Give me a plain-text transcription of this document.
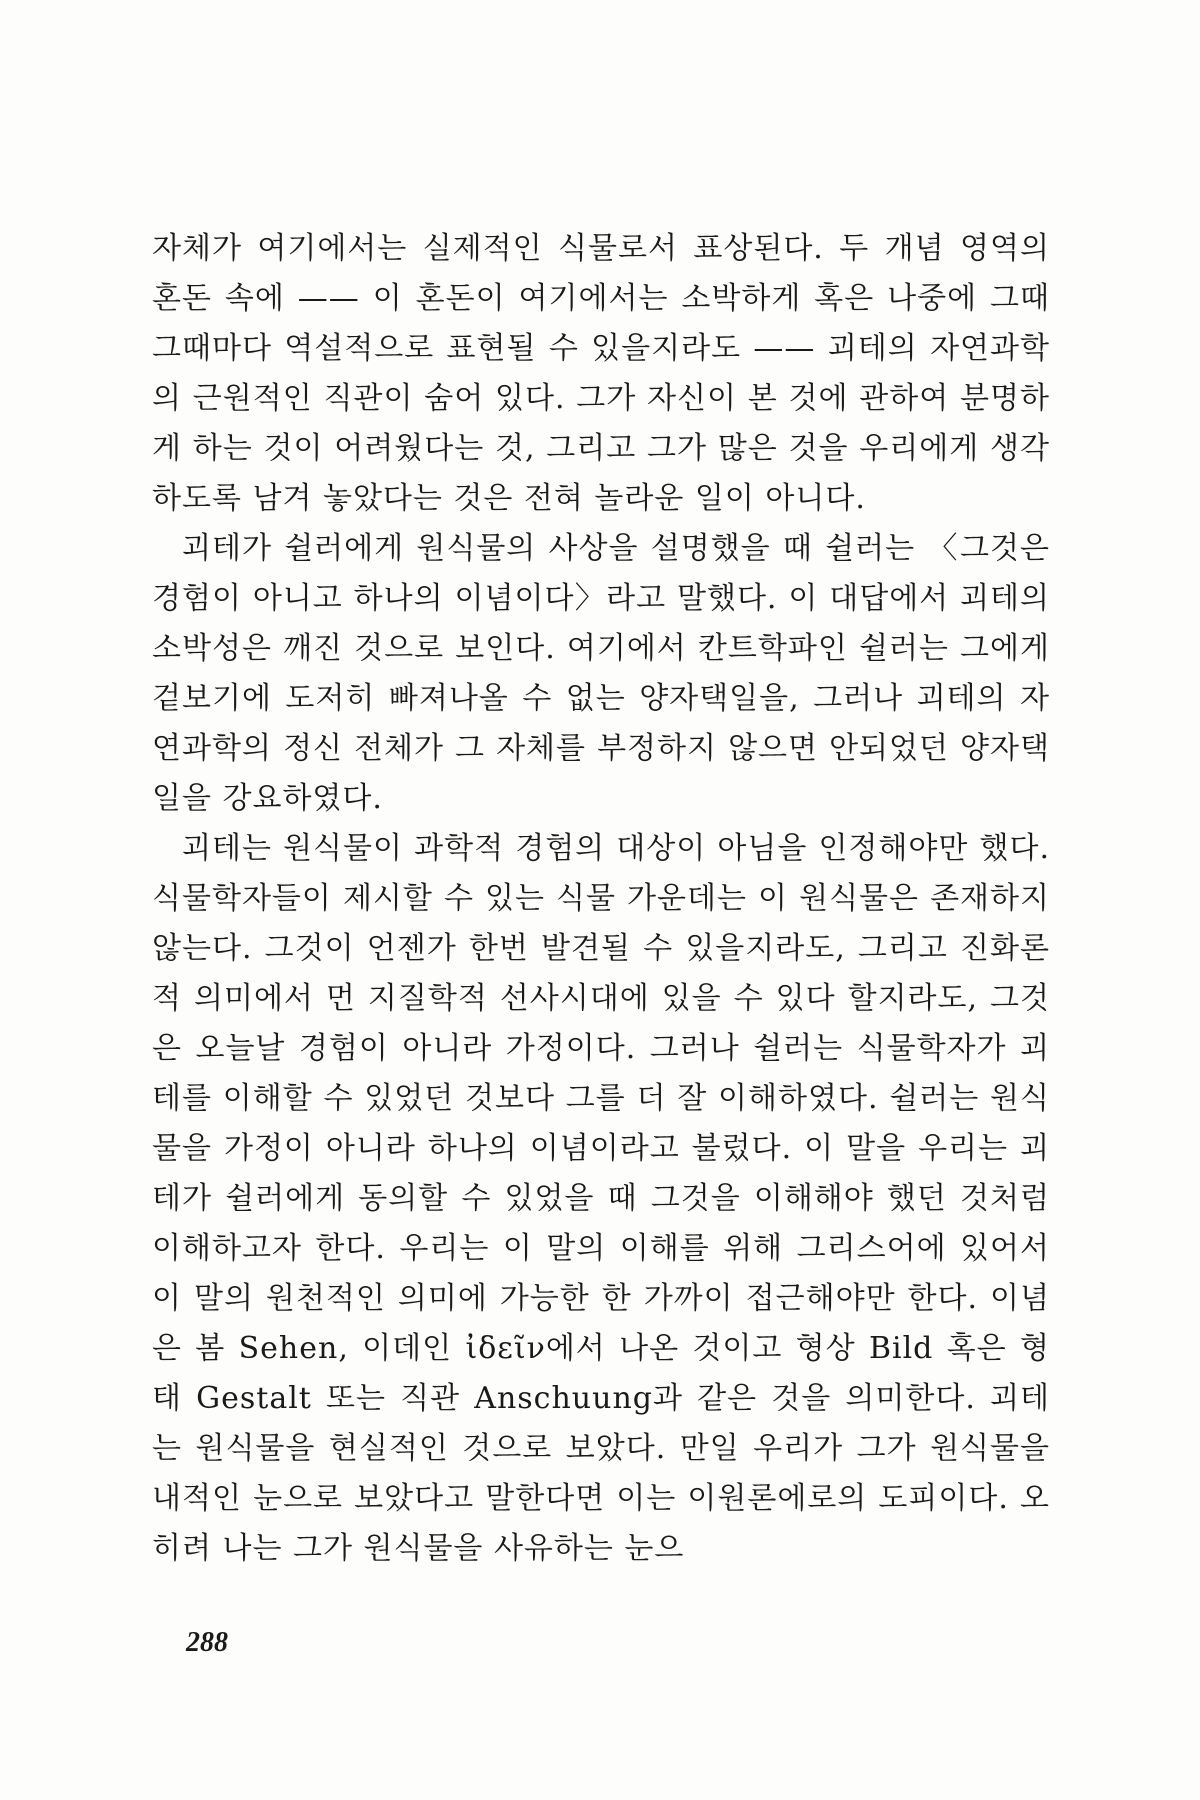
자체가 여기에서는 실제적인 식물로서 표상된다. 두 개념 영역의 혼돈 속에 —— 이 혼돈이 여기에서는 소박하게 혹은 나중에 그때 그때마다 역설적으로 표현될 수 있을지라도 —— 괴테의 자연과학의 근원적인 직관이 숨어 있다. 그가 자신이 본 것에 관하여 분명하게 하는 것이 어려웠다는 것, 그리고 그가 많은 것을 우리에게 생각하도록 남겨 놓았다는 것은 전혀 놀라운 일이 아니다.

괴테가 쉴러에게 원식물의 사상을 설명했을 때 쉴러는 〈그것은 경험이 아니고 하나의 이념이다〉라고 말했다. 이 대답에서 괴테의 소박성은 깨진 것으로 보인다. 여기에서 칸트학파인 쉴러는 그에게 겉보기에 도저히 빠져나올 수 없는 양자택일을, 그러나 괴테의 자연과학의 정신 전체가 그 자체를 부정하지 않으면 안되었던 양자택일을 강요하였다.

괴테는 원식물이 과학적 경험의 대상이 아님을 인정해야만 했다. 식물학자들이 제시할 수 있는 식물 가운데는 이 원식물은 존재하지 않는다. 그것이 언젠가 한번 발견될 수 있을지라도, 그리고 진화론적 의미에서 먼 지질학적 선사시대에 있을 수 있다 할지라도, 그것은 오늘날 경험이 아니라 가정이다. 그러나 쉴러는 식물학자가 괴테를 이해할 수 있었던 것보다 그를 더 잘 이해하였다. 쉴러는 원식물을 가정이 아니라 하나의 이념이라고 불렀다. 이 말을 우리는 괴테가 쉴러에게 동의할 수 있었을 때 그것을 이해해야 했던 것처럼 이해하고자 한다. 우리는 이 말의 이해를 위해 그리스어에 있어서 이 말의 원천적인 의미에 가능한 한 가까이 접근해야만 한다. 이념은 봄 Sehen, 이데인 ἰδεῖν에서 나온 것이고 형상 Bild 혹은 형태 Gestalt 또는 직관 Anschuung과 같은 것을 의미한다. 괴테는 원식물을 현실적인 것으로 보았다. 만일 우리가 그가 원식물을 내적인 눈으로 보았다고 말한다면 이는 이원론에로의 도피이다. 오히려 나는 그가 원식물을 사유하는 눈으

288
